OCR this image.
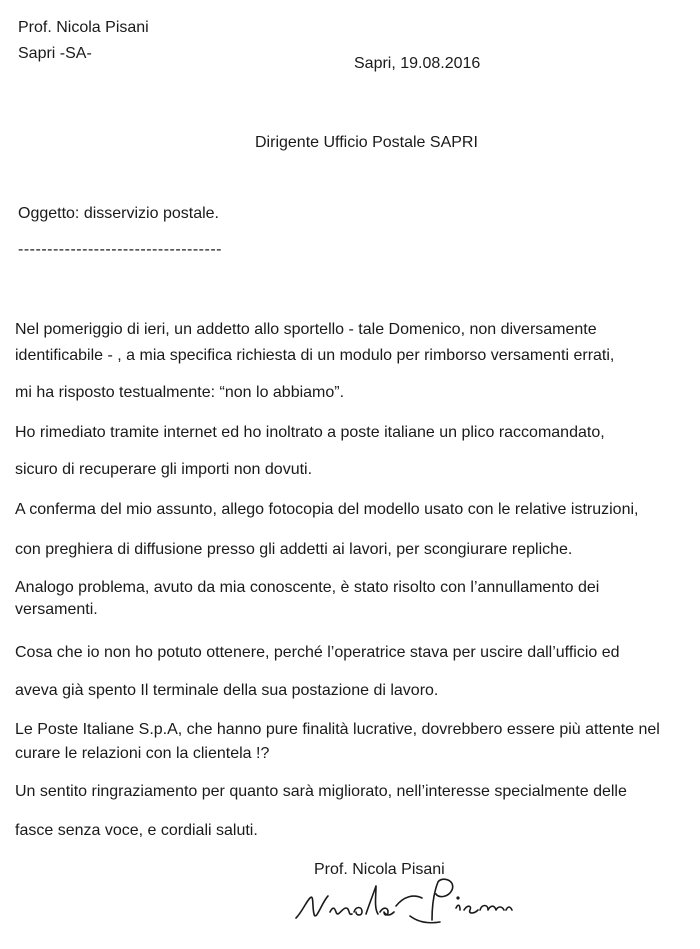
Prof. Nicola Pisani
Sapri -SA-
Sapri, 19.08.2016
Dirigente Ufficio Postale SAPRI
Oggetto: disservizio postale.
-----------------------------------
Nel pomeriggio di ieri, un addetto allo sportello - tale Domenico, non diversamente
identificabile - , a mia specifica richiesta di un modulo per rimborso versamenti errati,
mi ha risposto testualmente: “non lo abbiamo”.
Ho rimediato tramite internet ed ho inoltrato a poste italiane un plico raccomandato,
sicuro di recuperare gli importi non dovuti.
A conferma del mio assunto, allego fotocopia del modello usato con le relative istruzioni,
con preghiera di diffusione presso gli addetti ai lavori, per scongiurare repliche.
Analogo problema, avuto da mia conoscente, è stato risolto con l’annullamento dei
versamenti.
Cosa che io non ho potuto ottenere, perché l’operatrice stava per uscire dall’ufficio ed
aveva già spento Il terminale della sua postazione di lavoro.
Le Poste Italiane S.p.A, che hanno pure finalità lucrative, dovrebbero essere più attente nel
curare le relazioni con la clientela !?
Un sentito ringraziamento per quanto sarà migliorato, nell’interesse specialmente delle
fasce senza voce, e cordiali saluti.
Prof. Nicola Pisani
